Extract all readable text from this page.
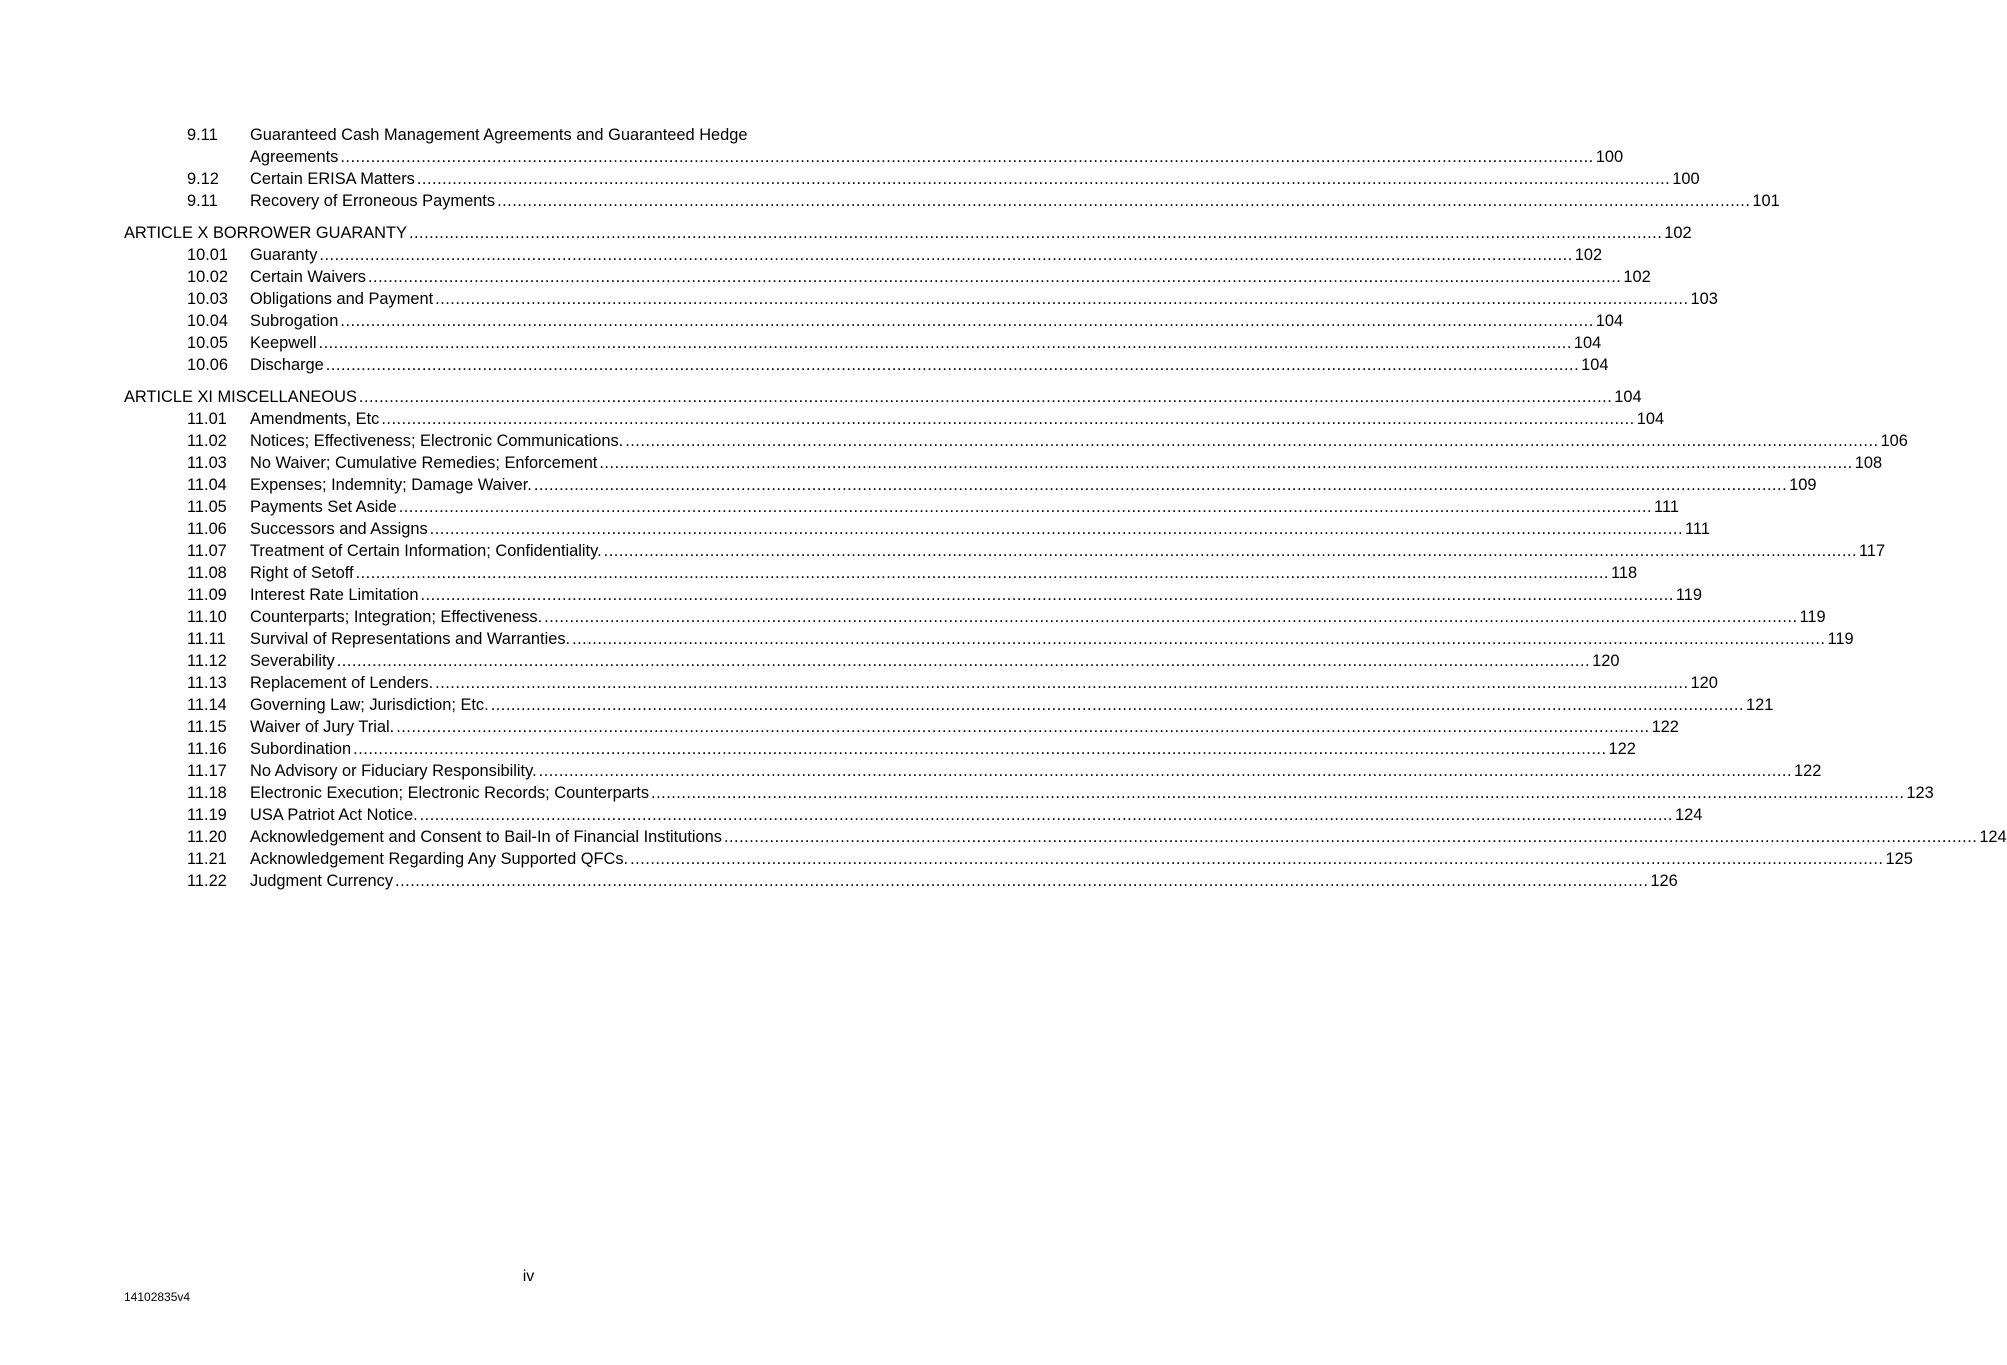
9.11	Guaranteed Cash Management Agreements and Guaranteed Hedge
Agreements .....	100
9.12	Certain ERISA Matters .....	100
9.11	Recovery of Erroneous Payments .....	101
ARTICLE X BORROWER GUARANTY .....	102
10.01	Guaranty .....	102
10.02	Certain Waivers .....	102
10.03	Obligations and Payment .....	103
10.04	Subrogation .....	104
10.05	Keepwell .....	104
10.06	Discharge .....	104
ARTICLE XI MISCELLANEOUS .....	104
11.01	Amendments, Etc .....	104
11.02	Notices; Effectiveness; Electronic Communications. .....	106
11.03	No Waiver; Cumulative Remedies; Enforcement .....	108
11.04	Expenses; Indemnity; Damage Waiver. .....	109
11.05	Payments Set Aside .....	111
11.06	Successors and Assigns .....	111
11.07	Treatment of Certain Information; Confidentiality. .....	117
11.08	Right of Setoff .....	118
11.09	Interest Rate Limitation .....	119
11.10	Counterparts; Integration; Effectiveness. .....	119
11.11	Survival of Representations and Warranties. .....	119
11.12	Severability .....	120
11.13	Replacement of Lenders. .....	120
11.14	Governing Law; Jurisdiction; Etc. .....	121
11.15	Waiver of Jury Trial. .....	122
11.16	Subordination .....	122
11.17	No Advisory or Fiduciary Responsibility. .....	122
11.18	Electronic Execution; Electronic Records; Counterparts .....	123
11.19	USA Patriot Act Notice. .....	124
11.20	Acknowledgement and Consent to Bail-In of Financial Institutions .....	124
11.21	Acknowledgement Regarding Any Supported QFCs. .....	125
11.22	Judgment Currency .....	126
iv
14102835v4
